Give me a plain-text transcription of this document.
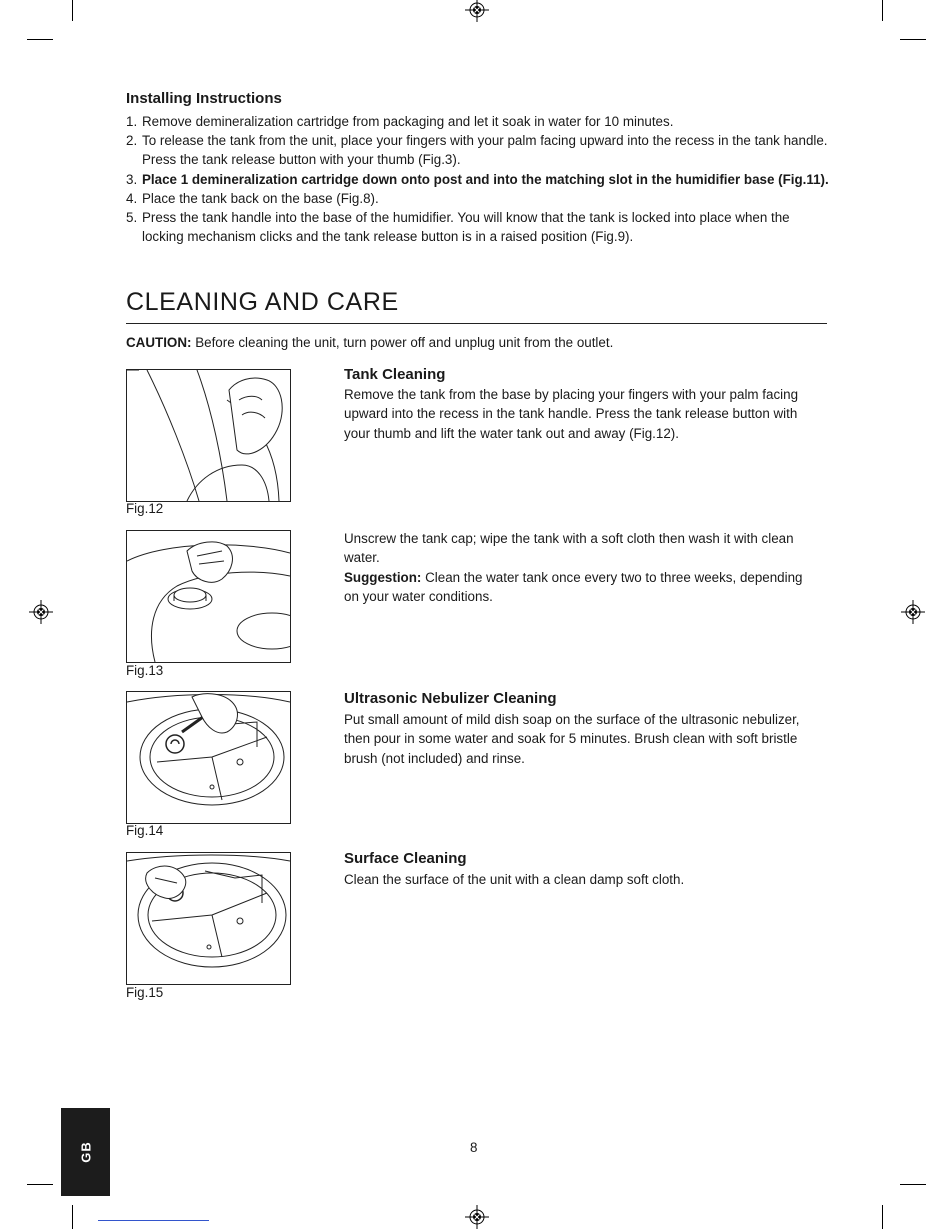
Installing Instructions
1. Remove demineralization cartridge from packaging and let it soak in water for 10 minutes.
2. To release the tank from the unit, place your fingers with your palm facing upward into the recess in the tank handle. Press the tank release button with your thumb (Fig.3).
3. Place 1 demineralization cartridge down onto post and into the matching slot in the humidifier base (Fig.11).
4. Place the tank back on the base (Fig.8).
5. Press the tank handle into the base of the humidifier. You will know that the tank is locked into place when the locking mechanism clicks and the tank release button is in a raised position (Fig.9).
CLEANING AND CARE
CAUTION: Before cleaning the unit, turn power off and unplug unit from the outlet.
Fig.12
Tank Cleaning
Remove the tank from the base by placing your fingers with your palm facing upward into the recess in the tank handle. Press the tank release button with your thumb and lift the water tank out and away (Fig.12).
Fig.13
Unscrew the tank cap; wipe the tank with a soft cloth then wash it with clean water.
Suggestion: Clean the water tank once every two to three weeks, depending on your water conditions.
Fig.14
Ultrasonic Nebulizer Cleaning
Put small amount of mild dish soap on the surface of the ultrasonic nebulizer, then pour in some water and soak for 5 minutes. Brush clean with soft bristle brush (not included) and rinse.
Fig.15
Surface Cleaning
Clean the surface of the unit with a clean damp soft cloth.
GB	8
